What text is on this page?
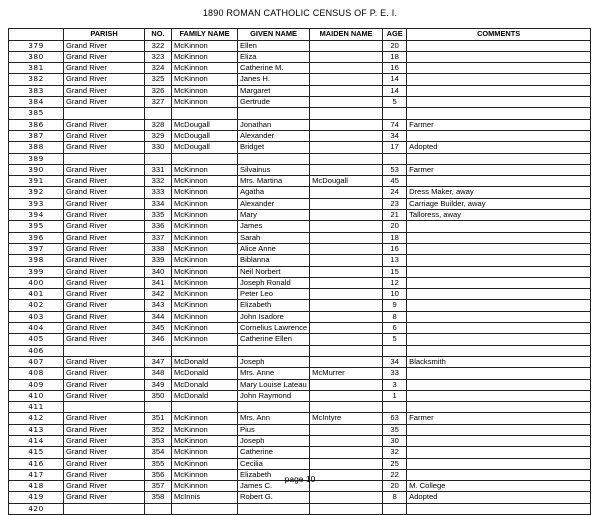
1890 ROMAN CATHOLIC CENSUS OF P. E. I.
	PARISH	NO.	FAMILY NAME	GIVEN NAME	MAIDEN NAME	AGE	COMMENTS
379	Grand River	322	McKinnon	Ellen		20	
380	Grand River	323	McKinnon	Eliza		18	
381	Grand River	324	McKinnon	Catherine M.		16	
382	Grand River	325	McKinnon	Janes H.		14	
383	Grand River	326	McKinnon	Margaret		14	
384	Grand River	327	McKinnon	Gertrude		5	
385							
386	Grand River	328	McDougall	Jonathan		74	Farmer
387	Grand River	329	McDougall	Alexander		34	
388	Grand River	330	McDougall	Bridget		17	Adopted
389							
390	Grand River	331	McKinnon	Silvainus		53	Farmer
391	Grand River	332	McKinnon	Mrs. Martina	McDougall	45	
392	Grand River	333	McKinnon	Agatha		24	Dress Maker, away
393	Grand River	334	McKinnon	Alexander		23	Carriage Builder, away
394	Grand River	335	McKinnon	Mary		21	Talloress, away
395	Grand River	336	McKinnon	James		20	
396	Grand River	337	McKinnon	Sarah		18	
397	Grand River	338	McKinnon	Alice Anne		16	
398	Grand River	339	McKinnon	Biblanna		13	
399	Grand River	340	McKinnon	Neil Norbert		15	
400	Grand River	341	McKinnon	Joseph Ronald		12	
401	Grand River	342	McKinnon	Peter Leo		10	
402	Grand River	343	McKinnon	Elizabeth		9	
403	Grand River	344	McKinnon	John Isadore		8	
404	Grand River	345	McKinnon	Cornelius Lawrence		6	
405	Grand River	346	McKinnon	Catherine Ellen		5	
406							
407	Grand River	347	McDonald	Joseph		34	Blacksmith
408	Grand River	348	McDonald	Mrs. Anne	McMurrer	33	
409	Grand River	349	McDonald	Mary Louise Lateau		3	
410	Grand River	350	McDonald	John Raymond		1	
411							
412	Grand River	351	McKinnon	Mrs. Ann	McIntyre	63	Farmer
413	Grand River	352	McKinnon	Pius		35	
414	Grand River	353	McKinnon	Joseph		30	
415	Grand River	354	McKinnon	Catherine		32	
416	Grand River	355	McKinnon	Cecilia		25	
417	Grand River	356	McKinnon	Elizabeth		22	
418	Grand River	357	McKinnon	James C.		20	M. College
419	Grand River	358	McInnis	Robert G.		8	Adopted
420							
page 10
